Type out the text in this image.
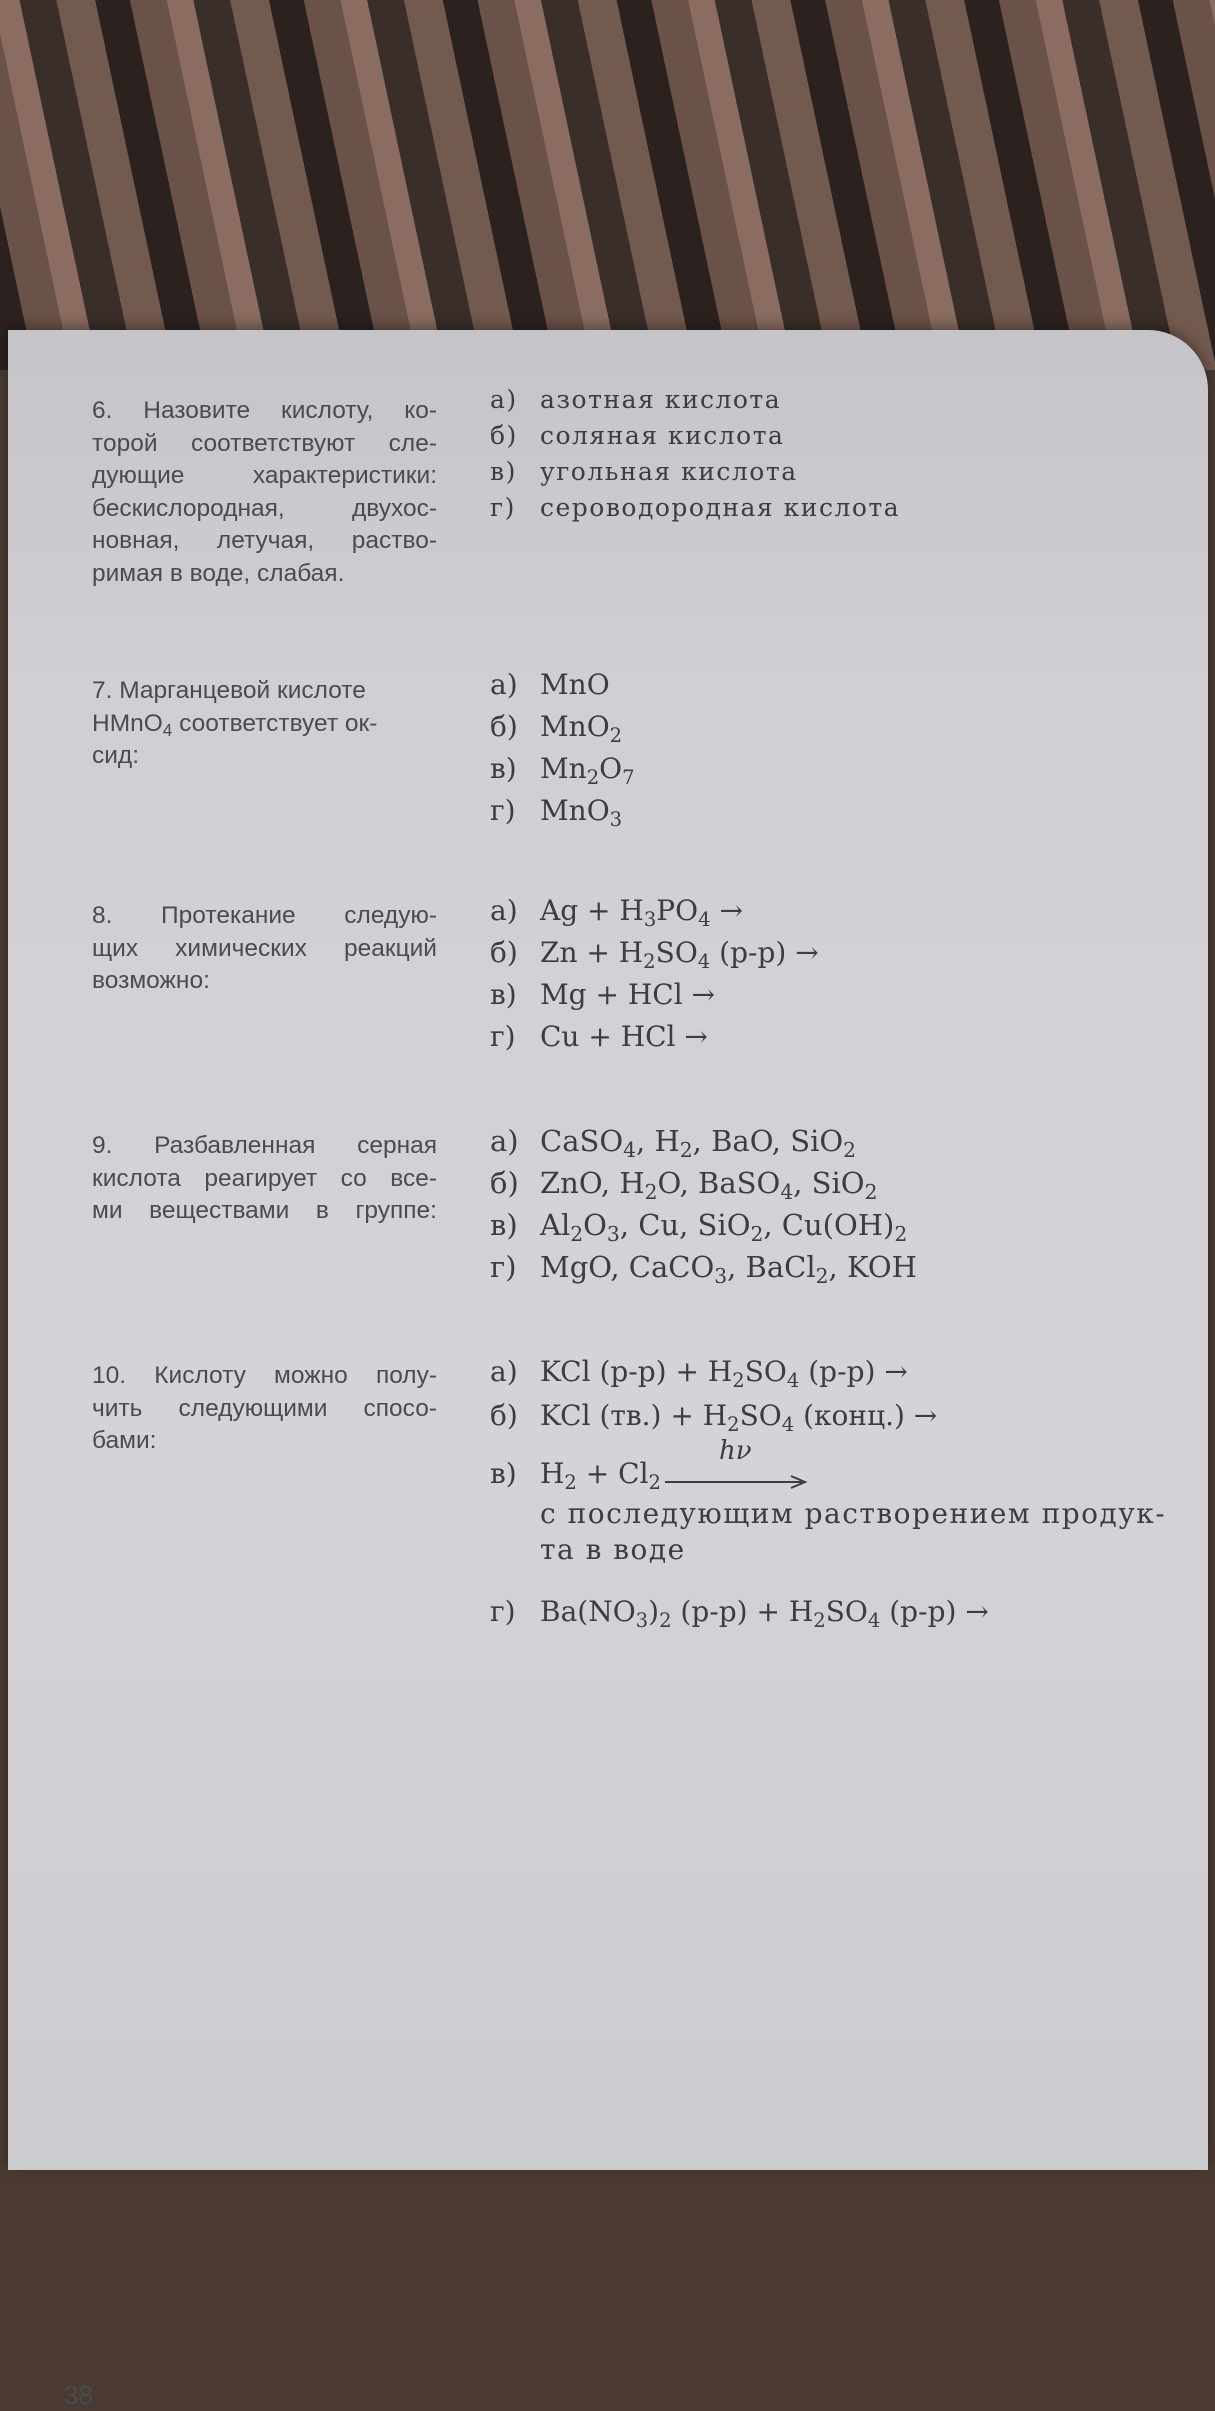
6. Назовите кислоту, ко-
торой соответствуют сле-
дующие характеристики:
бескислородная, двухос-
новная, летучая, раство-
римая в воде, слабая.
а) азотная кислота
б) соляная кислота
в) угольная кислота
г) сероводородная кислота
7. Марганцевой кислоте
HMnO$_4$ соответствует ок-
сид:
а) MnO
б) MnO$_2$
в) $Mn_2O_7$
г) MnO$_3$
8. Протекание следую-
щих химических реакций
возможно:
а) $Ag + H_3PO_4$ →
б) $Zn + H_2SO_4$ (р-р) →
в) Mg + HCl →
г) Cu + HCl →
9. Разбавленная серная
кислота реагирует со все-
ми веществами в группе:
а) CaSO$_4$, $H_2$, BaO, SiO$_2$
б) ZnO, $H_2O$, BaSO$_4$, SiO$_2$
в) $Al_2O_3$, Cu, SiO$_2$, $Cu(OH)_2$
г) MgO, CaCO$_3$, BaCl$_2$, KOH
10. Кислоту можно полу-
чить следующими спосо-
бами:
а) KCl $(р-р) + H_2SO_4$ (р-р) →
б) KCl $(тв.) + H_2SO_4$ (конц.) →
в) $H_2 + Cl_2$
hν
с последующим растворением продук-
та в воде
г) $Ba(NO_3)_2$ $(р-р) + H_2SO_4$ (р-р) →
38
